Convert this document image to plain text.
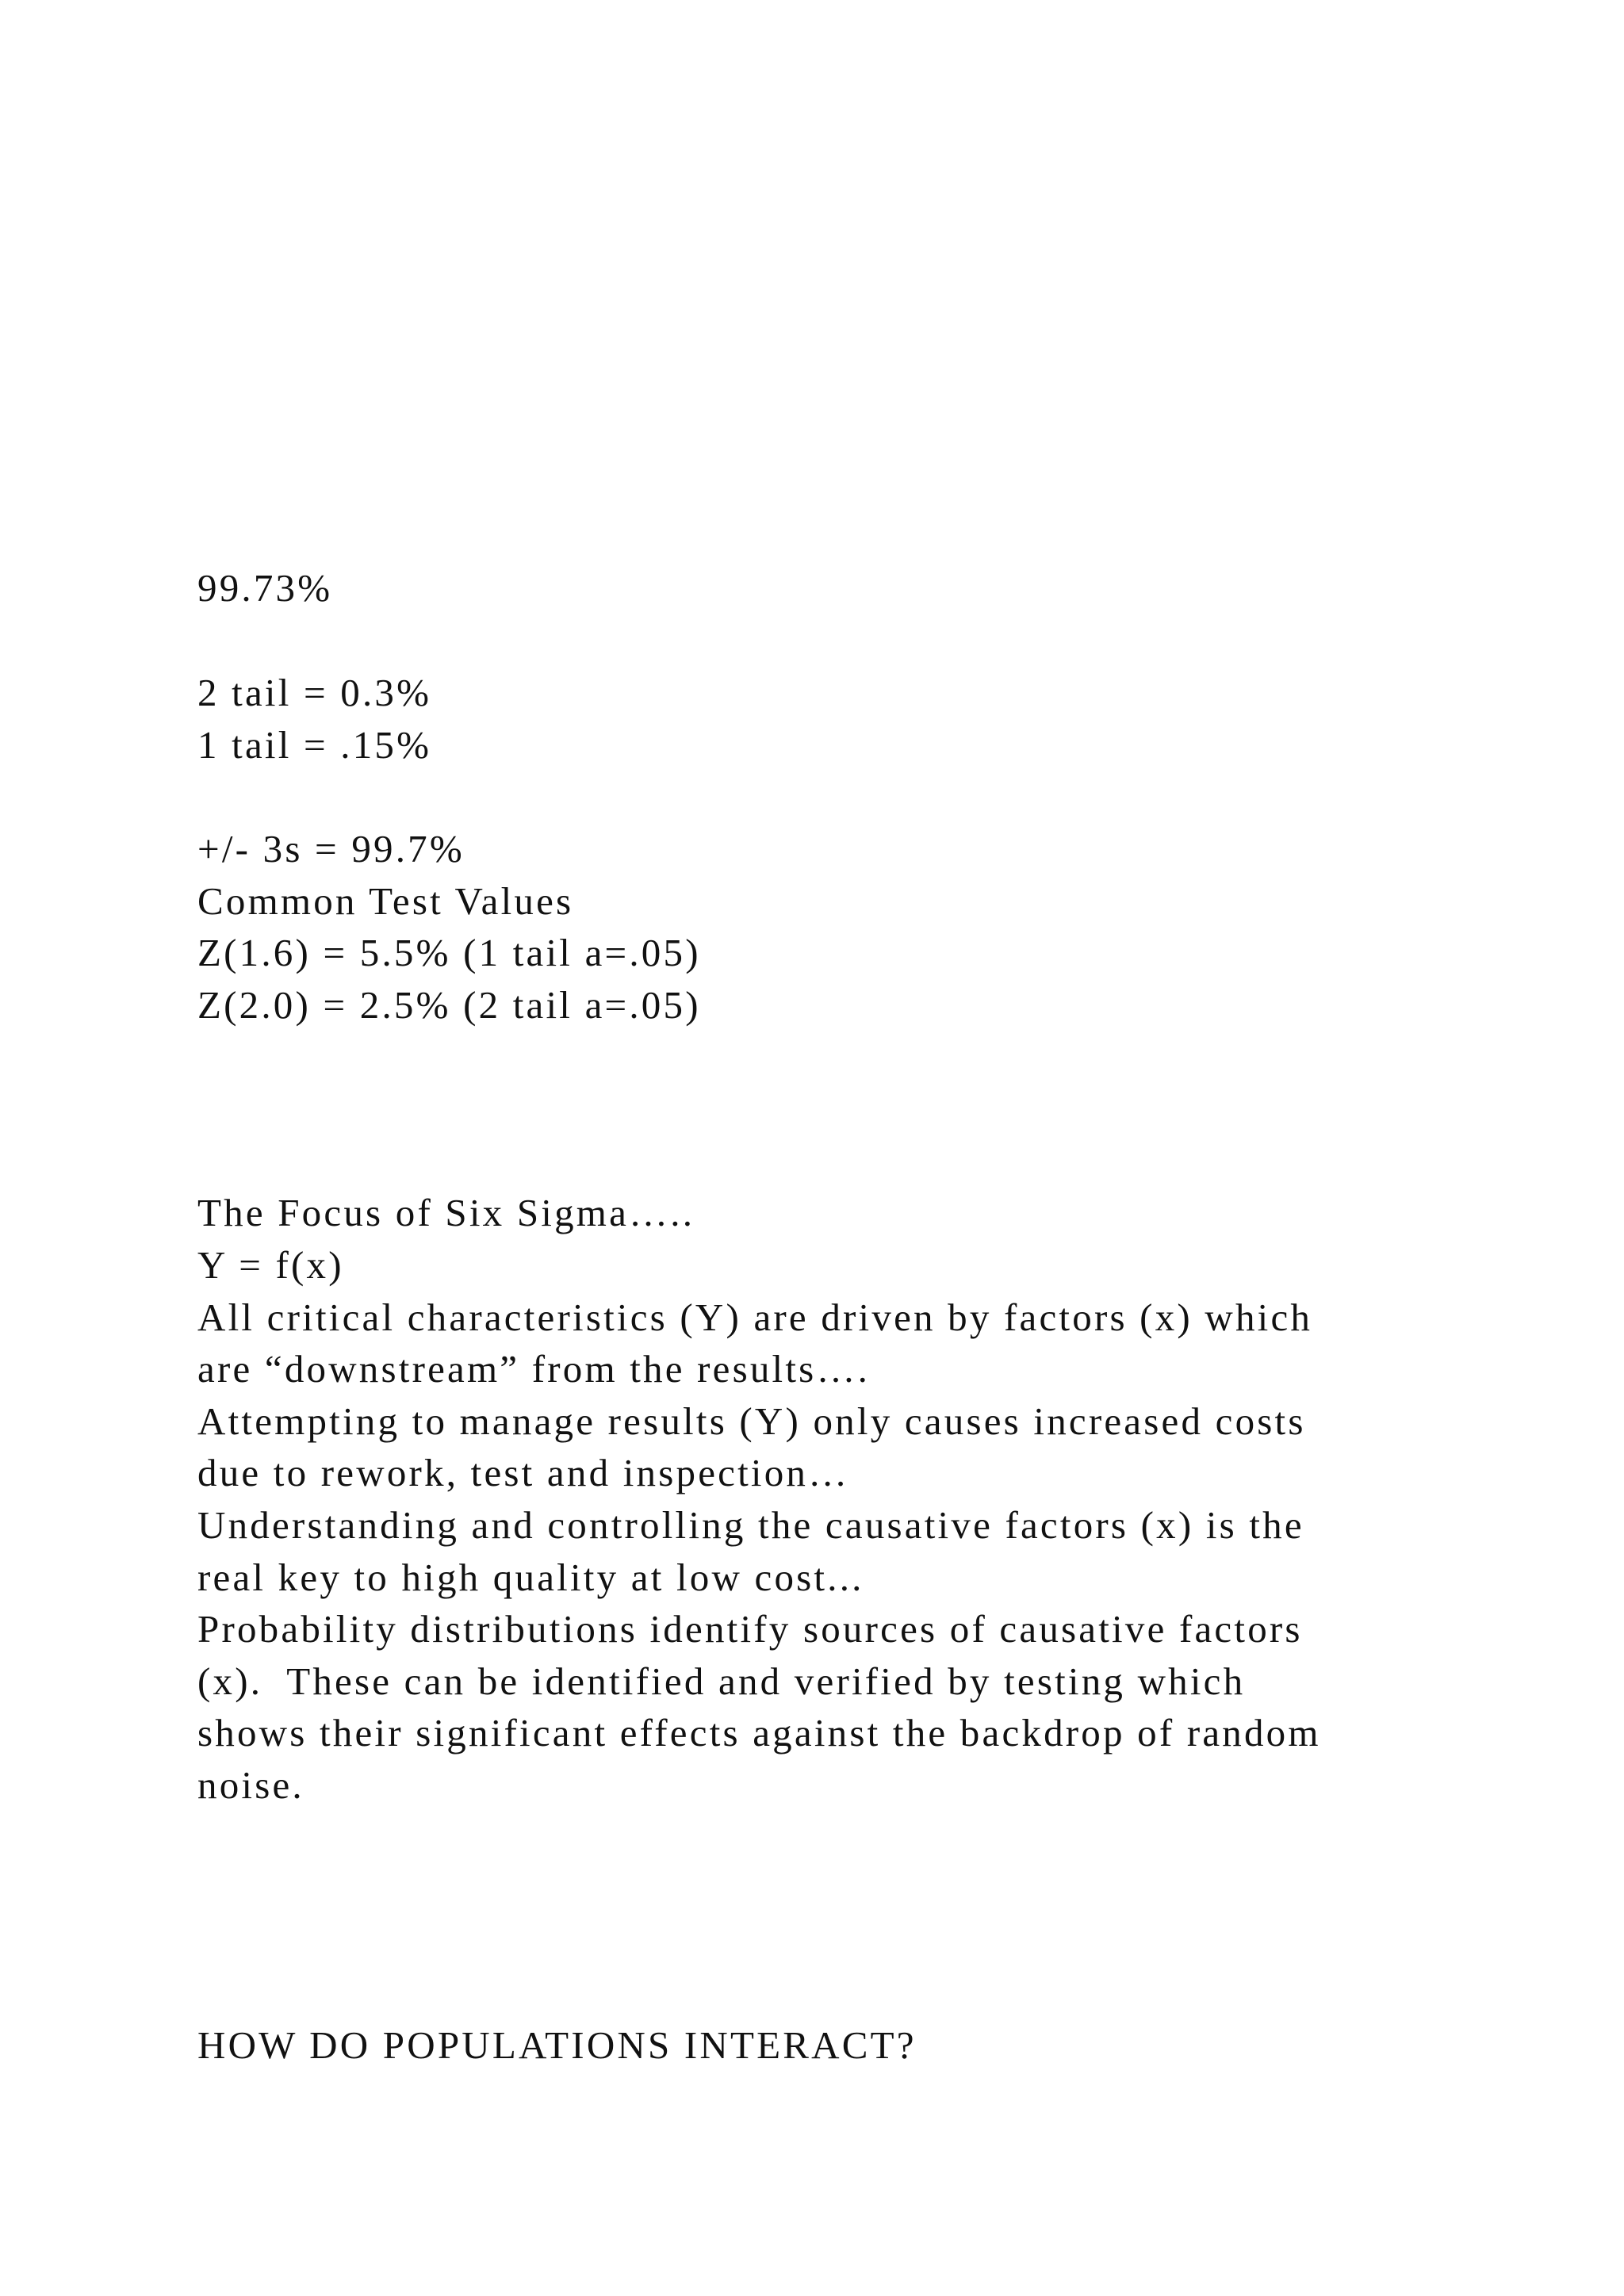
99.73%
2 tail = 0.3%
1 tail = .15%
+/- 3s = 99.7%
Common Test Values
Z(1.6) = 5.5% (1 tail a=.05)
Z(2.0) = 2.5% (2 tail a=.05)
The Focus of Six Sigma…..
Y = f(x)
All critical characteristics (Y) are driven by factors (x) which
are “downstream” from the results….
Attempting to manage results (Y) only causes increased costs
due to rework, test and inspection…
Understanding and controlling the causative factors (x) is the
real key to high quality at low cost...
Probability distributions identify sources of causative factors
(x).  These can be identified and verified by testing which
shows their significant effects against the backdrop of random
noise.
HOW DO POPULATIONS INTERACT?
